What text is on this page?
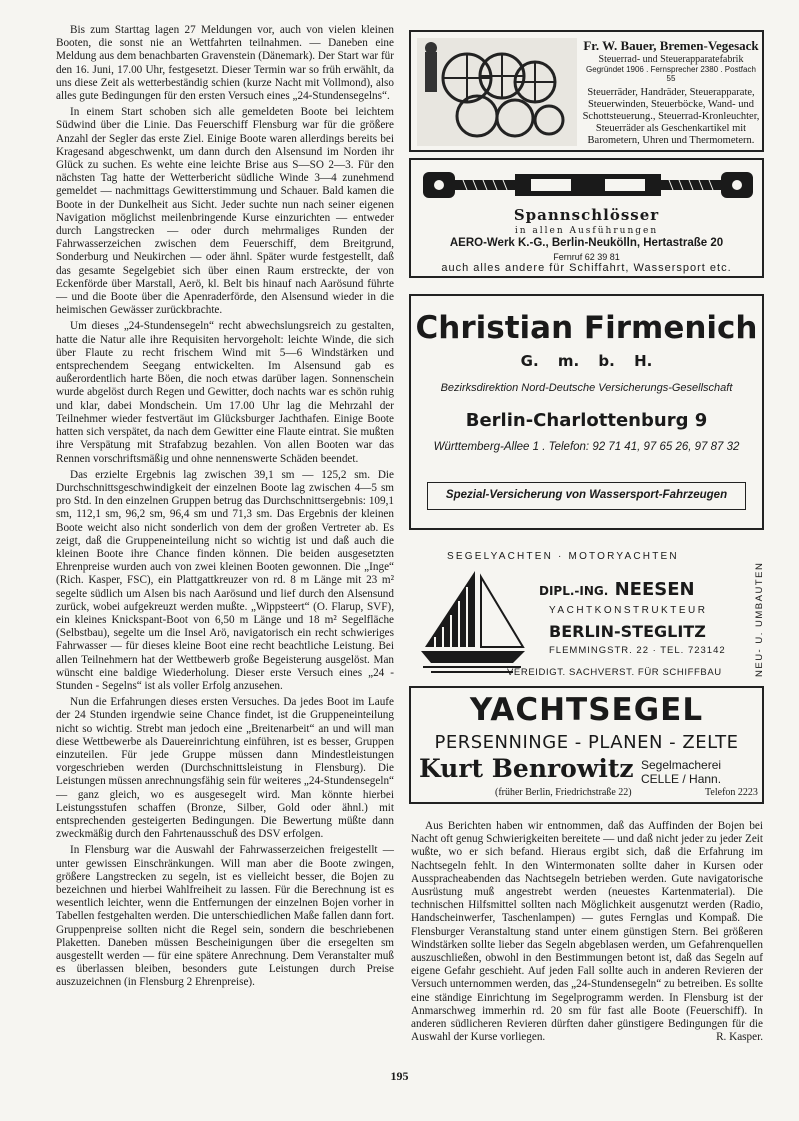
Bis zum Starttag lagen 27 Meldungen vor, auch von vielen kleinen Booten, die sonst nie an Wettfahrten teilnahmen. — Daneben eine Meldung aus dem benachbarten Gravenstein (Dänemark). Der Start war für den 16. Juni, 17.00 Uhr, festgesetzt. Dieser Termin war so früh erwählt, da uns diese Zeit als wetterbeständig schien (kurze Nacht mit Vollmond), also alles gute Bedingungen für den ersten Versuch eines „24-Stundensegelns“.

In einem Start schoben sich alle gemeldeten Boote bei leichtem Südwind über die Linie. Das Feuerschiff Flensburg war für die größere Anzahl der Segler das erste Ziel. Einige Boote waren allerdings bereits bei Kragesand abgeschwenkt, um dann durch den Alsensund im Norden ihr Glück zu suchen. Es wehte eine leichte Brise aus S—SO 2—3. Für den nächsten Tag hatte der Wetterbericht südliche Winde 3—4 zunehmend gemeldet — nachmittags Gewitterstimmung und Schauer. Bald kamen die Boote in der Dunkelheit aus Sicht. Jeder suchte nun nach seiner eigenen Navigation möglichst meilenbringende Kurse einzurichten — entweder durch Langstrecken — oder durch mehrmaliges Runden der Fahrwasserzeichen zwischen dem Feuerschiff, dem Breitgrund, Sonderburg und Neukirchen — oder ähnl. Später wurde festgestellt, daß das gesamte Segelgebiet sich über einen Raum erstreckte, der von Eckenförde über Marstall, Aerö, kl. Belt bis hinauf nach Aarösund führte — und die Boote über die Apenraderförde, den Alsensund wieder in die heimischen Gewässer zurückbrachte.

Um dieses „24-Stundensegeln“ recht abwechslungsreich zu gestalten, hatte die Natur alle ihre Requisiten hervorgeholt: leichte Winde, die sich über Flaute zu recht frischem Wind mit 5—6 Windstärken und entsprechendem Seegang entwickelten. Im Alsensund gab es außerordentlich harte Böen, die noch etwas darüber lagen. Sonnenschein wurde abgelöst durch Regen und Gewitter, doch nachts war es schön ruhig und klar, dabei Mondschein. Um 17.00 Uhr lag die Mehrzahl der Teilnehmer wieder festvertäut im Glücksburger Jachthafen. Einige Boote hatten sich verspätet, da nach dem Gewitter eine Flaute eintrat. Sie mußten ihre Verspätung mit Strafabzug bezahlen. Von allen Booten war das Rennen vorschriftsmäßig und ohne nennenswerte Schäden beendet.

Das erzielte Ergebnis lag zwischen 39,1 sm — 125,2 sm. Die Durchschnittsgeschwindigkeit der einzelnen Boote lag zwischen 4—5 sm pro Std. In den einzelnen Gruppen betrug das Durchschnittsergebnis: 109,1 sm, 112,1 sm, 96,2 sm, 96,4 sm und 71,3 sm. Das Ergebnis der kleinen Boote weicht also nicht sonderlich von dem der großen Vertreter ab. Es zeigt, daß die Gruppeneinteilung nicht so wichtig ist und daß auch die kleinen Boote ihre Chance finden können. Die beiden ausgesetzten Ehrenpreise wurden auch von zwei kleinen Booten gewonnen. Die „Inge“ (Rich. Kasper, FSC), ein Plattgattkreuzer von rd. 8 m Länge mit 23 m² segelte südlich um Alsen bis nach Aarösund und lief durch den Alsensund zurück, wobei aufgekreuzt werden mußte. „Wippsteert“ (O. Flarup, SVF), ein kleines Knickspant-Boot von 6,50 m Länge und 18 m² Segelfläche (Selbstbau), segelte um die Insel Arö, navigatorisch ein recht schwieriges Fahrwasser — für dieses kleine Boot eine recht beachtliche Leistung. Bei allen Teilnehmern hat der Wettbewerb große Begeisterung ausgelöst. Man wünscht eine baldige Wiederholung. Dieser erste Versuch eines „24 - Stunden - Segelns“ ist als voller Erfolg anzusehen.

Nun die Erfahrungen dieses ersten Versuches. Da jedes Boot im Laufe der 24 Stunden irgendwie seine Chance findet, ist die Gruppeneinteilung nicht so wichtig. Strebt man jedoch eine „Breitenarbeit“ an und will man diese Wettbewerbe als Dauereinrichtung einführen, ist es besser, Gruppen einzuteilen. Für jede Gruppe müssen dann Mindestleistungen vorgeschrieben werden (Durchschnittsleistung in Flensburg). Die Leistungen müssen anrechnungsfähig sein für weiteres „24-Stundensegeln“ — ganz gleich, wo es ausgesegelt wird. Man könnte hierbei Leistungsstufen schaffen (Bronze, Silber, Gold oder ähnl.) mit entsprechenden gesteigerten Bedingungen. Die Bewertung müßte dann zweckmäßig durch den Fahrtenausschuß des DSV erfolgen.

In Flensburg war die Auswahl der Fahrwasserzeichen freigestellt — unter gewissen Einschränkungen. Will man aber die Boote zwingen, größere Langstrecken zu segeln, ist es vielleicht besser, die Bojen zu bezeichnen und hierbei Wahlfreiheit zu lassen. Für die Berechnung ist es wesentlich leichter, wenn die Entfernungen der einzelnen Bojen vorher in Tabellen festgehalten werden. Die unterschiedlichen Maße fallen dann fort. Gruppenpreise sollten nicht die Regel sein, sondern die beschriebenen Plaketten. Daneben müssen Bescheinigungen über die ersegelten sm ausgestellt werden — für eine spätere Anrechnung. Dem Veranstalter muß es überlassen bleiben, besonders gute Leistungen durch Preise auszuzeichnen (in Flensburg 2 Ehrenpreise).

Fr. W. Bauer, Bremen-Vegesack
Steuerrad- und Steuerapparatefabrik
Gegründet 1906 . Fernsprecher 2380 . Postfach 55
Steuerräder, Handräder, Steuerapparate, Steuerwinden, Steuerböcke, Wand- und Schottsteuerung., Steuerrad-Kronleuchter, Steuerräder als Geschenkartikel mit Barometern, Uhren und Thermometern.
Spannschlösser
in allen Ausführungen
AERO-Werk K.-G., Berlin-Neukölln, Hertastraße 20
Fernruf 62 39 81
auch alles andere für Schiffahrt, Wassersport etc.
Christian Firmenich
G. m. b. H.
Bezirksdirektion Nord-Deutsche Versicherungs-Gesellschaft
Berlin-Charlottenburg 9
Württemberg-Allee 1 . Telefon: 92 71 41, 97 65 26, 97 87 32
Spezial-Versicherung von Wassersport-Fahrzeugen
SEGELYACHTEN · MOTORYACHTEN
NEU- U. UMBAUTEN
DIPL.-ING. NEESEN
YACHTKONSTRUKTEUR
BERLIN-STEGLITZ
FLEMMINGSTR. 22 · TEL. 723142
VEREIDIGT. SACHVERST. FÜR SCHIFFBAU
YACHTSEGEL
PERSENNINGE - PLANEN - ZELTE
Kurt Benrowitz Segelmacherei
CELLE / Hann.
(früher Berlin, Friedrichstraße 22)	Telefon 2223

Aus Berichten haben wir entnommen, daß das Auffinden der Bojen bei Nacht oft genug Schwierigkeiten bereitete — und daß nicht jeder zu jeder Zeit wußte, wo er sich befand. Hieraus ergibt sich, daß die Erfahrung im Nachtsegeln fehlt. In den Wintermonaten sollte daher in Kursen oder Ausspracheabenden das Nachtsegeln betrieben werden. Gute navigatorische Ausrüstung muß angestrebt werden (neuestes Kartenmaterial). Die technischen Hilfsmittel sollten nach Möglichkeit ausgenutzt werden (Radio, Handscheinwerfer, Taschenlampen) — gutes Fernglas und Kompaß. Die Flensburger Veranstaltung stand unter einem günstigen Stern. Bei größeren Windstärken sollte lieber das Segeln abgeblasen werden, um Gefahrenquellen auszuschließen, obwohl in den Bestimmungen betont ist, daß das Segeln auf eigene Gefahr geschieht. Auf jeden Fall sollte auch in anderen Revieren der Versuch unternommen werden, das „24-Stundensegeln“ zu betreiben. Es sollte eine ständige Einrichtung im Segelprogramm werden. In Flensburg ist der Anmarschweg immerhin rd. 20 sm für fast alle Boote (Feuerschiff). In anderen südlicheren Revieren dürften daher günstigere Bedingungen für die Auswahl der Kurse vorliegen.	R. Kasper.

195
